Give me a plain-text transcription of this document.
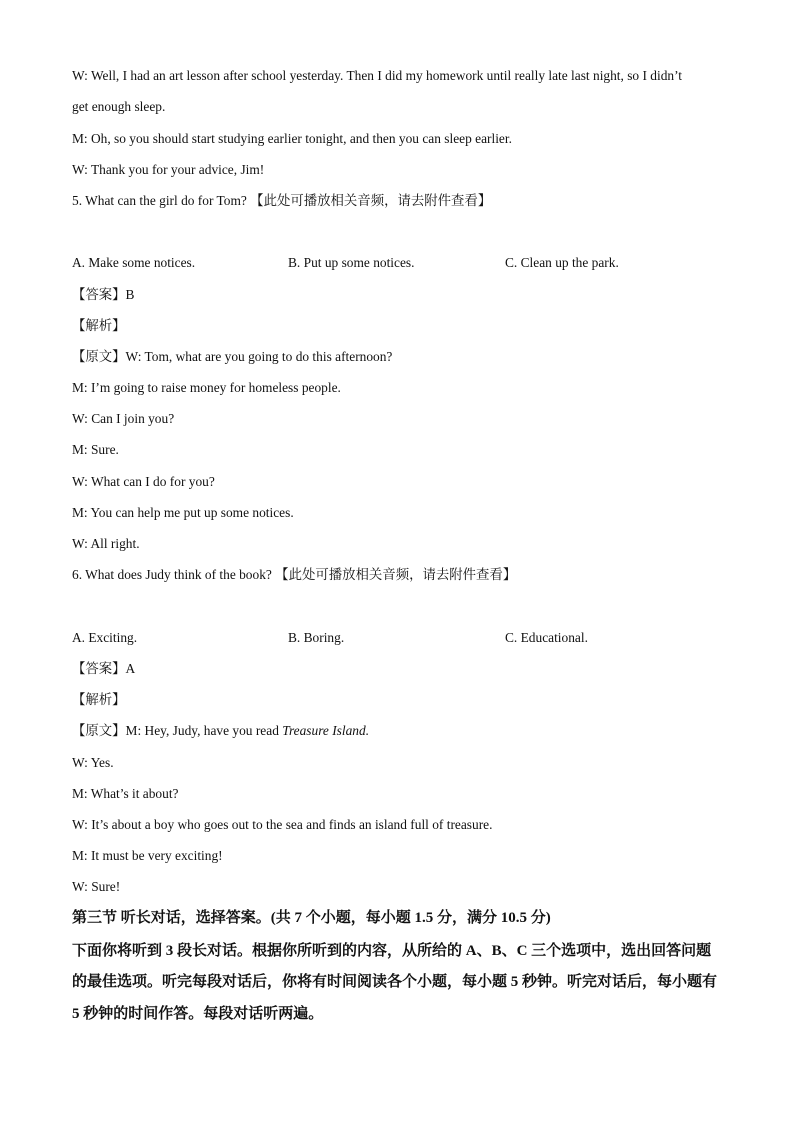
W: Well, I had an art lesson after school yesterday. Then I did my homework until really late last night, so I didn’t
get enough sleep.
M: Oh, so you should start studying earlier tonight, and then you can sleep earlier.
W: Thank you for your advice, Jim!
5. What can the girl do for Tom? 【此处可播放相关音频，请去附件查看】
A. Make some notices.	B. Put up some notices.	C. Clean up the park.
【答案】B
【解析】
【原文】W: Tom, what are you going to do this afternoon?
M: I’m going to raise money for homeless people.
W: Can I join you?
M: Sure.
W: What can I do for you?
M: You can help me put up some notices.
W: All right.
6. What does Judy think of the book? 【此处可播放相关音频，请去附件查看】
A. Exciting.	B. Boring.	C. Educational.
【答案】A
【解析】
【原文】M: Hey, Judy, have you read Treasure Island.
W: Yes.
M: What’s it about?
W: It’s about a boy who goes out to the sea and finds an island full of treasure.
M: It must be very exciting!
W: Sure!
第三节 听长对话，选择答案。(共 7 个小题，每小题 1.5 分，满分 10.5 分)
下面你将听到 3 段长对话。根据你所听到的内容，从所给的 A、B、C 三个选项中，选出回答问题的最佳选项。听完每段对话后，你将有时间阅读各个小题，每小题 5 秒钟。听完对话后，每小题有 5 秒钟的时间作答。每段对话听两遍。
